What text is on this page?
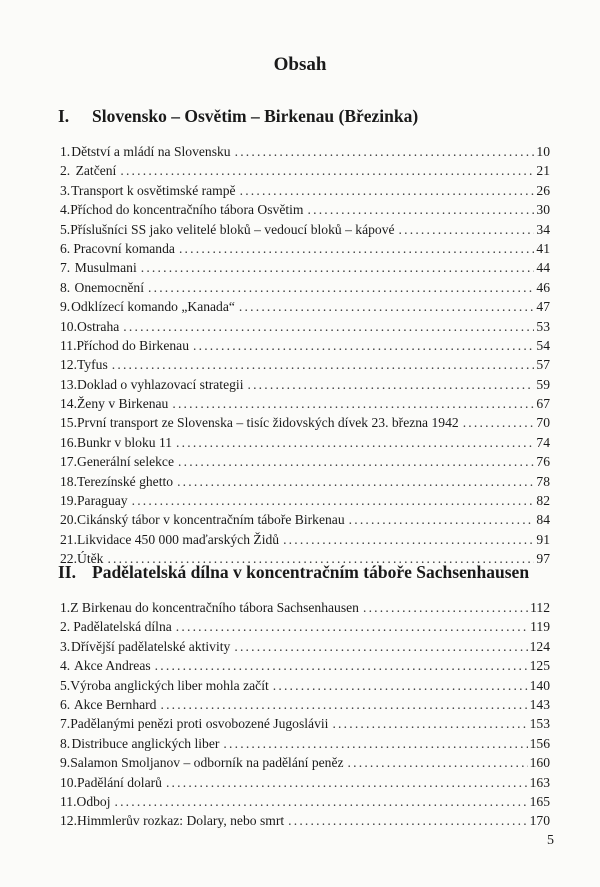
Obsah
I. Slovensko – Osvětim – Birkenau (Březinka)
1. Dětství a mládí na Slovensku .....	10
2. Zatčení .....	21
3. Transport k osvětimské rampě .....	26
4. Příchod do koncentračního tábora Osvětim .....	30
5. Příslušníci SS jako velitelé bloků – vedoucí bloků – kápové .....	34
6. Pracovní komanda .....	41
7. Musulmani .....	44
8. Onemocnění .....	46
9. Odklízecí komando „Kanada“ .....	47
10. Ostraha .....	53
11. Příchod do Birkenau .....	54
12. Tyfus .....	57
13. Doklad o vyhlazovací strategii .....	59
14. Ženy v Birkenau .....	67
15. První transport ze Slovenska – tisíc židovských dívek 23. března 1942 .....	70
16. Bunkr v bloku 11 .....	74
17. Generální selekce .....	76
18. Terezínské ghetto .....	78
19. Paraguay .....	82
20. Cikánský tábor v koncentračním táboře Birkenau .....	84
21. Likvidace 450 000 maďarských Židů .....	91
22. Útěk .....	97
II. Padělatelská dílna v koncentračním táboře Sachsenhausen
1. Z Birkenau do koncentračního tábora Sachsenhausen .....	112
2. Padělatelská dílna .....	119
3. Dřívější padělatelské aktivity .....	124
4. Akce Andreas .....	125
5. Výroba anglických liber mohla začít .....	140
6. Akce Bernhard .....	143
7. Padělanými penězi proti osvobozené Jugoslávii .....	153
8. Distribuce anglických liber .....	156
9. Salamon Smoljanov – odborník na padělání peněz .....	160
10. Padělání dolarů .....	163
11. Odboj .....	165
12. Himmlerův rozkaz: Dolary, nebo smrt .....	170
5
